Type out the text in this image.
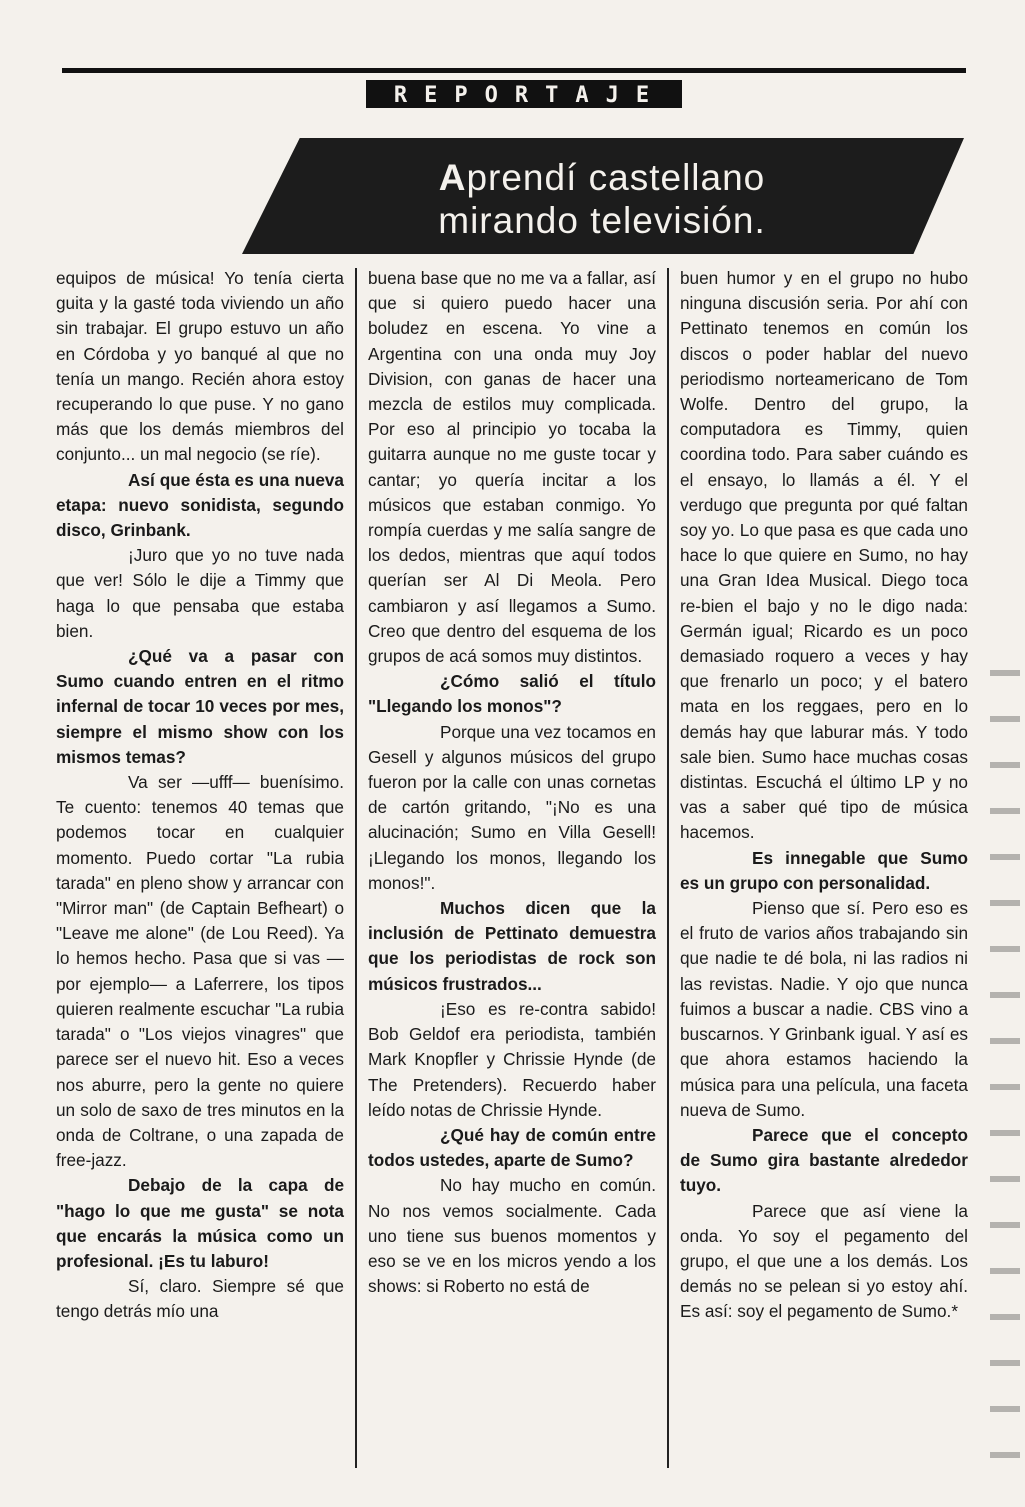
REPORTAJE
Aprendí castellano
mirando televisión.

equipos de música! Yo tenía cierta guita y la gasté toda viviendo un año sin trabajar. El grupo estuvo un año en Córdoba y yo banqué al que no tenía un mango. Recién ahora estoy recuperando lo que puse. Y no gano más que los demás miembros del conjunto... un mal negocio (se ríe).

Así que ésta es una nueva etapa: nuevo sonidista, segundo disco, Grinbank.

¡Juro que yo no tuve nada que ver! Sólo le dije a Timmy que haga lo que pensaba que estaba bien.

¿Qué va a pasar con Sumo cuando entren en el ritmo infernal de tocar 10 veces por mes, siempre el mismo show con los mismos temas?

Va ser —ufff— buenísimo. Te cuento: tenemos 40 temas que podemos tocar en cualquier momento. Puedo cortar "La rubia tarada" en pleno show y arrancar con "Mirror man" (de Captain Befheart) o "Leave me alone" (de Lou Reed). Ya lo hemos hecho. Pasa que si vas —por ejemplo— a Laferrere, los tipos quieren realmente escuchar "La rubia tarada" o "Los viejos vinagres" que parece ser el nuevo hit. Eso a veces nos aburre, pero la gente no quiere un solo de saxo de tres minutos en la onda de Coltrane, o una zapada de free-jazz.

Debajo de la capa de "hago lo que me gusta" se nota que encarás la música como un profesional. ¡Es tu laburo!

Sí, claro. Siempre sé que tengo detrás mío una

buena base que no me va a fallar, así que si quiero puedo hacer una boludez en escena. Yo vine a Argentina con una onda muy Joy Division, con ganas de hacer una mezcla de estilos muy complicada. Por eso al principio yo tocaba la guitarra aunque no me guste tocar y cantar; yo quería incitar a los músicos que estaban conmigo. Yo rompía cuerdas y me salía sangre de los dedos, mientras que aquí todos querían ser Al Di Meola. Pero cambiaron y así llegamos a Sumo. Creo que dentro del esquema de los grupos de acá somos muy distintos.

¿Cómo salió el título "Llegando los monos"?

Porque una vez tocamos en Gesell y algunos músicos del grupo fueron por la calle con unas cornetas de cartón gritando, "¡No es una alucinación; Sumo en Villa Gesell! ¡Llegando los monos, llegando los monos!".

Muchos dicen que la inclusión de Pettinato demuestra que los periodistas de rock son músicos frustrados...

¡Eso es re-contra sabido! Bob Geldof era periodista, también Mark Knopfler y Chrissie Hynde (de The Pretenders). Recuerdo haber leído notas de Chrissie Hynde.

¿Qué hay de común entre todos ustedes, aparte de Sumo?

No hay mucho en común. No nos vemos socialmente. Cada uno tiene sus buenos momentos y eso se ve en los micros yendo a los shows: si Roberto no está de

buen humor y en el grupo no hubo ninguna discusión seria. Por ahí con Pettinato tenemos en común los discos o poder hablar del nuevo periodismo norteamericano de Tom Wolfe. Dentro del grupo, la computadora es Timmy, quien coordina todo. Para saber cuándo es el ensayo, lo llamás a él. Y el verdugo que pregunta por qué faltan soy yo. Lo que pasa es que cada uno hace lo que quiere en Sumo, no hay una Gran Idea Musical. Diego toca re-bien el bajo y no le digo nada: Germán igual; Ricardo es un poco demasiado roquero a veces y hay que frenarlo un poco; y el batero mata en los reggaes, pero en lo demás hay que laburar más. Y todo sale bien. Sumo hace muchas cosas distintas. Escuchá el último LP y no vas a saber qué tipo de música hacemos.

Es innegable que Sumo es un grupo con personalidad.

Pienso que sí. Pero eso es el fruto de varios años trabajando sin que nadie te dé bola, ni las radios ni las revistas. Nadie. Y ojo que nunca fuimos a buscar a nadie. CBS vino a buscarnos. Y Grinbank igual. Y así es que ahora estamos haciendo la música para una película, una faceta nueva de Sumo.

Parece que el concepto de Sumo gira bastante alrededor tuyo.

Parece que así viene la onda. Yo soy el pegamento del grupo, el que une a los demás. Los demás no se pelean si yo estoy ahí. Es así: soy el pegamento de Sumo.*
